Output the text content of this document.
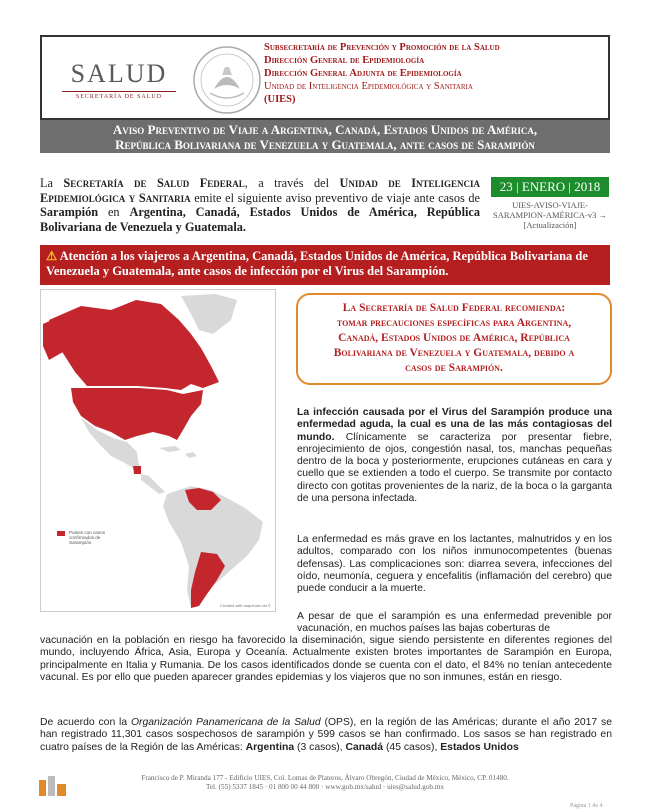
SALUD
SECRETARÍA DE SALUD
Subsecretaría de Prevención y Promoción de la Salud
Dirección General de Epidemiología
Dirección General Adjunta de Epidemiología
Unidad de Inteligencia Epidemiológica y Sanitaria
(UIES)
Aviso Preventivo de Viaje a Argentina, Canadá, Estados Unidos de América,
República Bolivariana de Venezuela y Guatemala, ante casos de Sarampión
La Secretaría de Salud Federal, a través del Unidad de Inteligencia Epidemiológica y Sanitaria emite el siguiente aviso preventivo de viaje ante casos de Sarampión en Argentina, Canadá, Estados Unidos de América, República Bolivariana de Venezuela y Guatemala.
23 | ENERO | 2018
UIES-AVISO-VIAJE-SARAMPION-AMÉRICA-v3 → [Actualización]
⚠ Atención a los viajeros a Argentina, Canadá, Estados Unidos de América, República Bolivariana de Venezuela y Guatemala, ante casos de infección por el Virus del Sarampión.
Países con casos confirmados de Sarampión.
Created with mapchart.net ©
La Secretaría de Salud Federal recomienda:
tomar precauciones específicas para Argentina,
Canadá, Estados Unidos de América, República
Bolivariana de Venezuela y Guatemala, debido a
casos de Sarampión.
La infección causada por el Virus del Sarampión produce una enfermedad aguda, la cual es una de las más contagiosas del mundo. Clínicamente se caracteriza por presentar fiebre, enrojecimiento de ojos, congestión nasal, tos, manchas pequeñas dentro de la boca y posteriormente, erupciones cutáneas en cara y cuello que se extienden a todo el cuerpo. Se transmite por contacto directo con gotitas provenientes de la nariz, de la boca o la garganta de una persona infectada.
La enfermedad es más grave en los lactantes, malnutridos y en los adultos, comparado con los niños inmunocompetentes (buenas defensas). Las complicaciones son: diarrea severa, infecciones del oído, neumonía, ceguera y encefalitis (inflamación del cerebro) que puede conducir a la muerte.
A pesar de que el sarampión es una enfermedad prevenible por vacunación, en muchos países las bajas coberturas de
vacunación en la población en riesgo ha favorecido la diseminación, sigue siendo persistente en diferentes regiones del mundo, incluyendo África, Asia, Europa y Oceanía. Actualmente existen brotes importantes de Sarampión en Europa, principalmente en Italia y Rumania. De los casos identificados donde se cuenta con el dato, el 84% no tenían antecedente vacunal. Es por ello que pueden aparecer grandes epidemias y los viajeros que no son inmunes, están en riesgo.
De acuerdo con la Organización Panamericana de la Salud (OPS), en la región de las Américas; durante el año 2017 se han registrado 11,301 casos sospechosos de sarampión y 599 casos se han confirmado. Los sasos se han registrado en cuatro países de la Región de las Américas: Argentina (3 casos), Canadá (45 casos), Estados Unidos
Francisco de P. Miranda 177 - Edificio UIES, Col. Lomas de Plateros, Álvaro Obregón, Ciudad de México, México, CP. 01480.
Tel. (55) 5337 1845 · 01 800 00 44 800 · www.gob.mx/salud · uies@salud.gob.mx
Página 1 de 4
